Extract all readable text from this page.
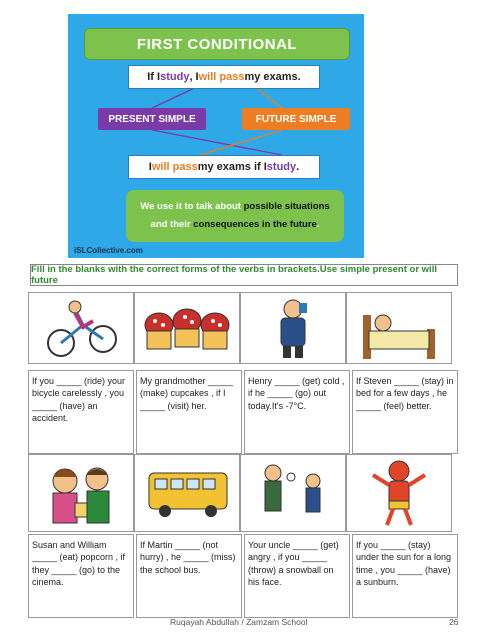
FIRST CONDITIONAL
If I study , I will pass my exams.
PRESENT SIMPLE	FUTURE SIMPLE
I will pass my exams if I study .
We use it to talk about possible situations
and their consequences in the future.
iSLCollective.com
Fill in the blanks with the correct forms of the verbs in brackets.Use simple present or will future
If you _____ (ride) your bicycle carelessly , you _____ (have) an accident.
My grandmother _____ (make) cupcakes , if I _____ (visit) her.
Henry _____ (get) cold , if he _____ (go) out today.It's -7°C.
If Steven _____ (stay) in bed for a few days , he _____ (feel) better.
Susan and William _____ (eat) popcorn , if they _____ (go) to the cinema.
If Martin _____ (not hurry) , he _____ (miss) the school bus.
Your uncle _____ (get) angry , if you _____ (throw) a snowball on his face.
If you _____ (stay) under the sun for a long time , you _____ (have) a sunburn.
Ruqayah Abdullah / Zamzam School	26
